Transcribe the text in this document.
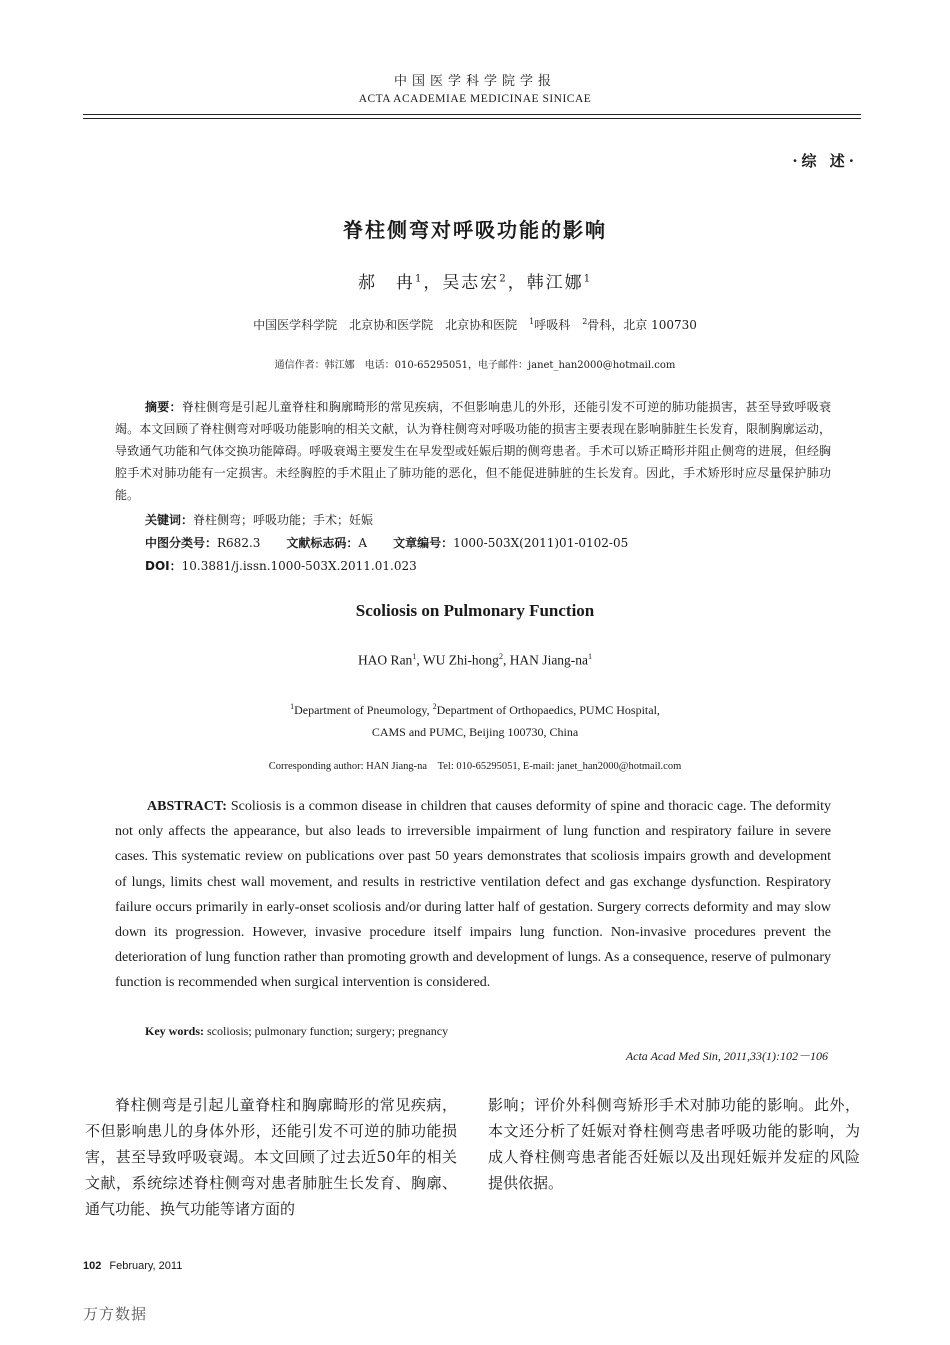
中国医学科学院学报
ACTA ACADEMIAE MEDICINAE SINICAE
·综 述·
脊柱侧弯对呼吸功能的影响
郝　冉$^1$，吴志宏$^2$，韩江娜$^1$
中国医学科学院　北京协和医学院　北京协和医院　$^1$呼吸科　$^2$骨科，北京 100730
通信作者：韩江娜　电话：010-65295051，电子邮件：janet_han2000@hotmail.com

摘要：脊柱侧弯是引起儿童脊柱和胸廓畸形的常见疾病，不但影响患儿的外形，还能引发不可逆的肺功能损害，甚至导致呼吸衰竭。本文回顾了脊柱侧弯对呼吸功能影响的相关文献，认为脊柱侧弯对呼吸功能的损害主要表现在影响肺脏生长发育，限制胸廓运动，导致通气功能和气体交换功能障碍。呼吸衰竭主要发生在早发型或妊娠后期的侧弯患者。手术可以矫正畸形并阻止侧弯的进展，但经胸腔手术对肺功能有一定损害。未经胸腔的手术阻止了肺功能的恶化，但不能促进肺脏的生长发育。因此，手术矫形时应尽量保护肺功能。

关键词：脊柱侧弯；呼吸功能；手术；妊娠
中图分类号：R682.3 文献标志码：A 文章编号：1000-503X(2011)01-0102-05
DOI：10.3881/j.issn.1000-503X.2011.01.023
Scoliosis on Pulmonary Function
HAO Ran$^1$, WU Zhi-hong$^2$, HAN Jiang-$na^1$
$^1$Department of Pneumology, $^2$Department of Orthopaedics, PUMC Hospital,
CAMS and PUMC, Beijing 100730, China
Corresponding author: HAN Jiang-na　Tel: 010-65295051, E-mail: janet_han2000@hotmail.com

ABSTRACT: Scoliosis is a common disease in children that causes deformity of spine and thoracic cage. The deformity not only affects the appearance, but also leads to irreversible impairment of lung function and respiratory failure in severe cases. This systematic review on publications over past 50 years demonstrates that scoliosis impairs growth and development of lungs, limits chest wall movement, and results in restrictive ventilation defect and gas exchange dysfunction. Respiratory failure occurs primarily in early-onset scoliosis and/or during latter half of gestation. Surgery corrects deformity and may slow down its progression. However, invasive procedure itself impairs lung function. Non-invasive procedures prevent the deterioration of lung function rather than promoting growth and development of lungs. As a consequence, reserve of pulmonary function is recommended when surgical intervention is considered.

Key words: scoliosis; pulmonary function; surgery; pregnancy
Acta Acad Med Sin, 2011,33(1):102－106

脊柱侧弯是引起儿童脊柱和胸廓畸形的常见疾病，不但影响患儿的身体外形，还能引发不可逆的肺功能损害，甚至导致呼吸衰竭。本文回顾了过去近50年的相关文献，系统综述脊柱侧弯对患者肺脏生长发育、胸廓、通气功能、换气功能等诸方面的

影响；评价外科侧弯矫形手术对肺功能的影响。此外，本文还分析了妊娠对脊柱侧弯患者呼吸功能的影响，为成人脊柱侧弯患者能否妊娠以及出现妊娠并发症的风险提供依据。

102 February, 2011
万方数据
